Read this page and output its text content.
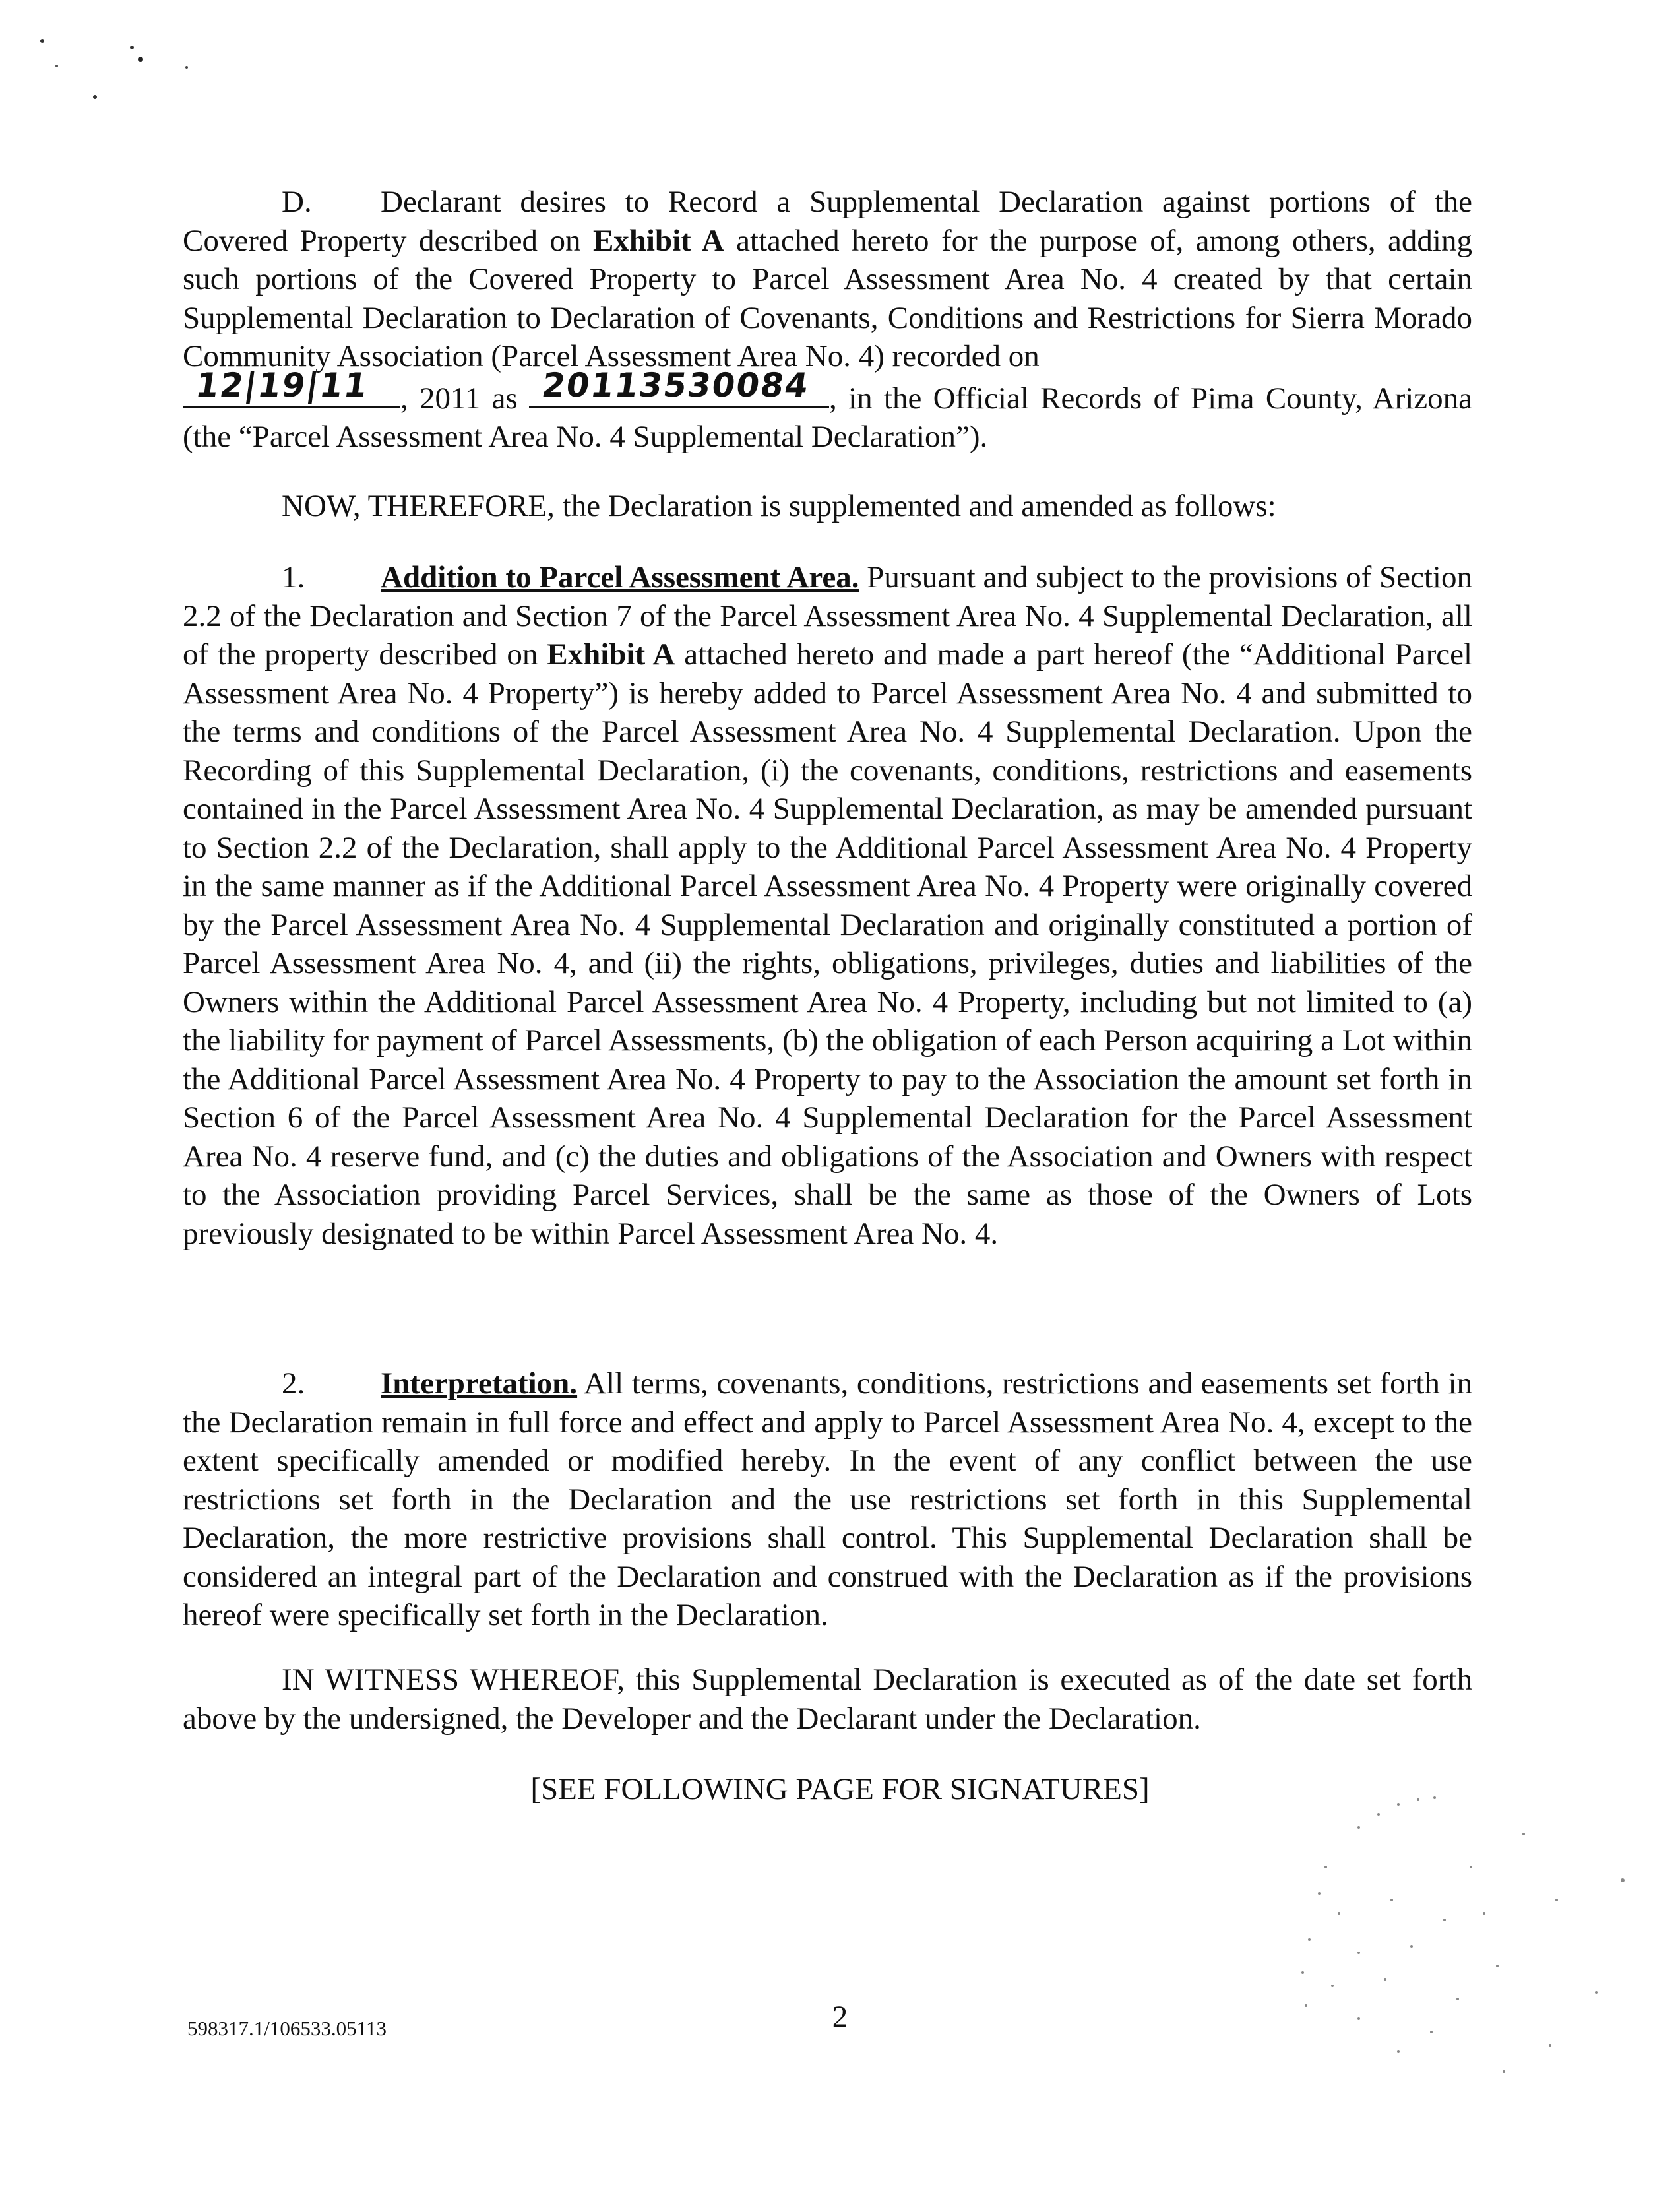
D. Declarant desires to Record a Supplemental Declaration against portions of the Covered Property described on Exhibit A attached hereto for the purpose of, among others, adding such portions of the Covered Property to Parcel Assessment Area No. 4 created by that certain Supplemental Declaration to Declaration of Covenants, Conditions and Restrictions for Sierra Morado Community Association (Parcel Assessment Area No. 4) recorded on

12|19|11 , 2011 as 20113530084 , in the Official Records of Pima County, Arizona (the “Parcel Assessment Area No. 4 Supplemental Declaration”).

NOW, THEREFORE, the Declaration is supplemented and amended as follows:

1. Addition to Parcel Assessment Area. Pursuant and subject to the provisions of Section 2.2 of the Declaration and Section 7 of the Parcel Assessment Area No. 4 Supplemental Declaration, all of the property described on Exhibit A attached hereto and made a part hereof (the “Additional Parcel Assessment Area No. 4 Property”) is hereby added to Parcel Assessment Area No. 4 and submitted to the terms and conditions of the Parcel Assessment Area No. 4 Supplemental Declaration. Upon the Recording of this Supplemental Declaration, (i) the covenants, conditions, restrictions and easements contained in the Parcel Assessment Area No. 4 Supplemental Declaration, as may be amended pursuant to Section 2.2 of the Declaration, shall apply to the Additional Parcel Assessment Area No. 4 Property in the same manner as if the Additional Parcel Assessment Area No. 4 Property were originally covered by the Parcel Assessment Area No. 4 Supplemental Declaration and originally constituted a portion of Parcel Assessment Area No. 4, and (ii) the rights, obligations, privileges, duties and liabilities of the Owners within the Additional Parcel Assessment Area No. 4 Property, including but not limited to (a) the liability for payment of Parcel Assessments, (b) the obligation of each Person acquiring a Lot within the Additional Parcel Assessment Area No. 4 Property to pay to the Association the amount set forth in Section 6 of the Parcel Assessment Area No. 4 Supplemental Declaration for the Parcel Assessment Area No. 4 reserve fund, and (c) the duties and obligations of the Association and Owners with respect to the Association providing Parcel Services, shall be the same as those of the Owners of Lots previously designated to be within Parcel Assessment Area No. 4.

2. Interpretation. All terms, covenants, conditions, restrictions and easements set forth in the Declaration remain in full force and effect and apply to Parcel Assessment Area No. 4, except to the extent specifically amended or modified hereby. In the event of any conflict between the use restrictions set forth in the Declaration and the use restrictions set forth in this Supplemental Declaration, the more restrictive provisions shall control. This Supplemental Declaration shall be considered an integral part of the Declaration and construed with the Declaration as if the provisions hereof were specifically set forth in the Declaration.

IN WITNESS WHEREOF, this Supplemental Declaration is executed as of the date set forth above by the undersigned, the Developer and the Declarant under the Declaration.

[SEE FOLLOWING PAGE FOR SIGNATURES]
598317.1/106533.05113	2
